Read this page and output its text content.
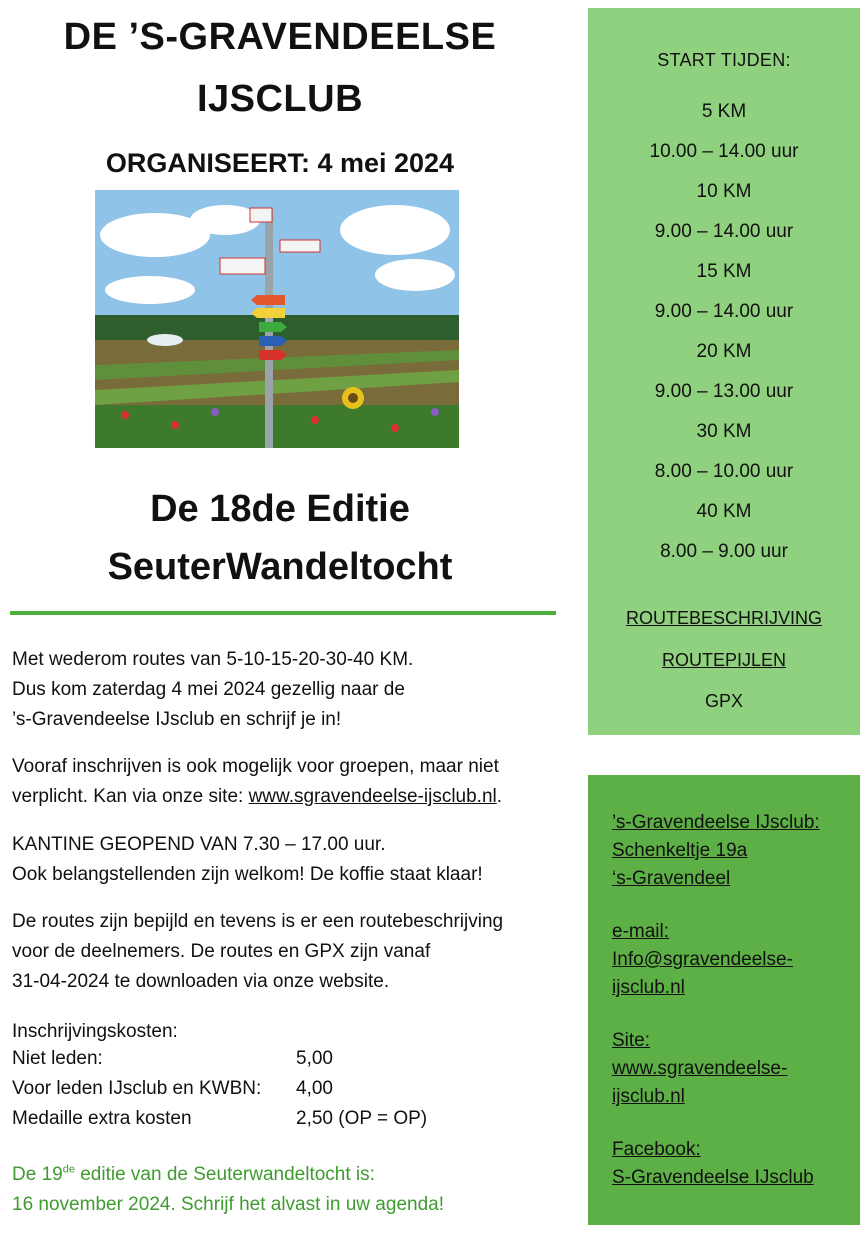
DE ’S-GRAVENDEELSE
IJSCLUB
ORGANISEERT: 4 mei 2024
De 18de Editie
SeuterWandeltocht
Met wederom routes van 5-10-15-20-30-40 KM.
Dus kom zaterdag 4 mei 2024 gezellig naar de
’s-Gravendeelse IJsclub en schrijf je in!
Vooraf inschrijven is ook mogelijk voor groepen, maar niet
verplicht. Kan via onze site: www.sgravendeelse-ijsclub.nl.
KANTINE GEOPEND VAN 7.30 – 17.00 uur.
Ook belangstellenden zijn welkom! De koffie staat klaar!
De routes zijn bepijld en tevens is er een routebeschrijving
voor de deelnemers. De routes en GPX zijn vanaf
31-04-2024 te downloaden via onze website.
Inschrijvingskosten:
Niet leden:	5,00
Voor leden IJsclub en KWBN: 4,00
Medaille extra kosten	2,50 (OP = OP)
De 19de editie van de Seuterwandeltocht is:
16 november 2024. Schrijf het alvast in uw agenda!
START TIJDEN:
5 KM
10.00 – 14.00 uur
10 KM
9.00 – 14.00 uur
15 KM
9.00 – 14.00 uur
20 KM
9.00 – 13.00 uur
30 KM
8.00 – 10.00 uur
40 KM
8.00 – 9.00 uur
ROUTEBESCHRIJVING
ROUTEPIJLEN
GPX
’s-Gravendeelse IJsclub:
Schenkeltje 19a
‘s-Gravendeel
e-mail:
Info@sgravendeelse-
ijsclub.nl
Site:
www.sgravendeelse-
ijsclub.nl
Facebook:
S-Gravendeelse IJsclub
